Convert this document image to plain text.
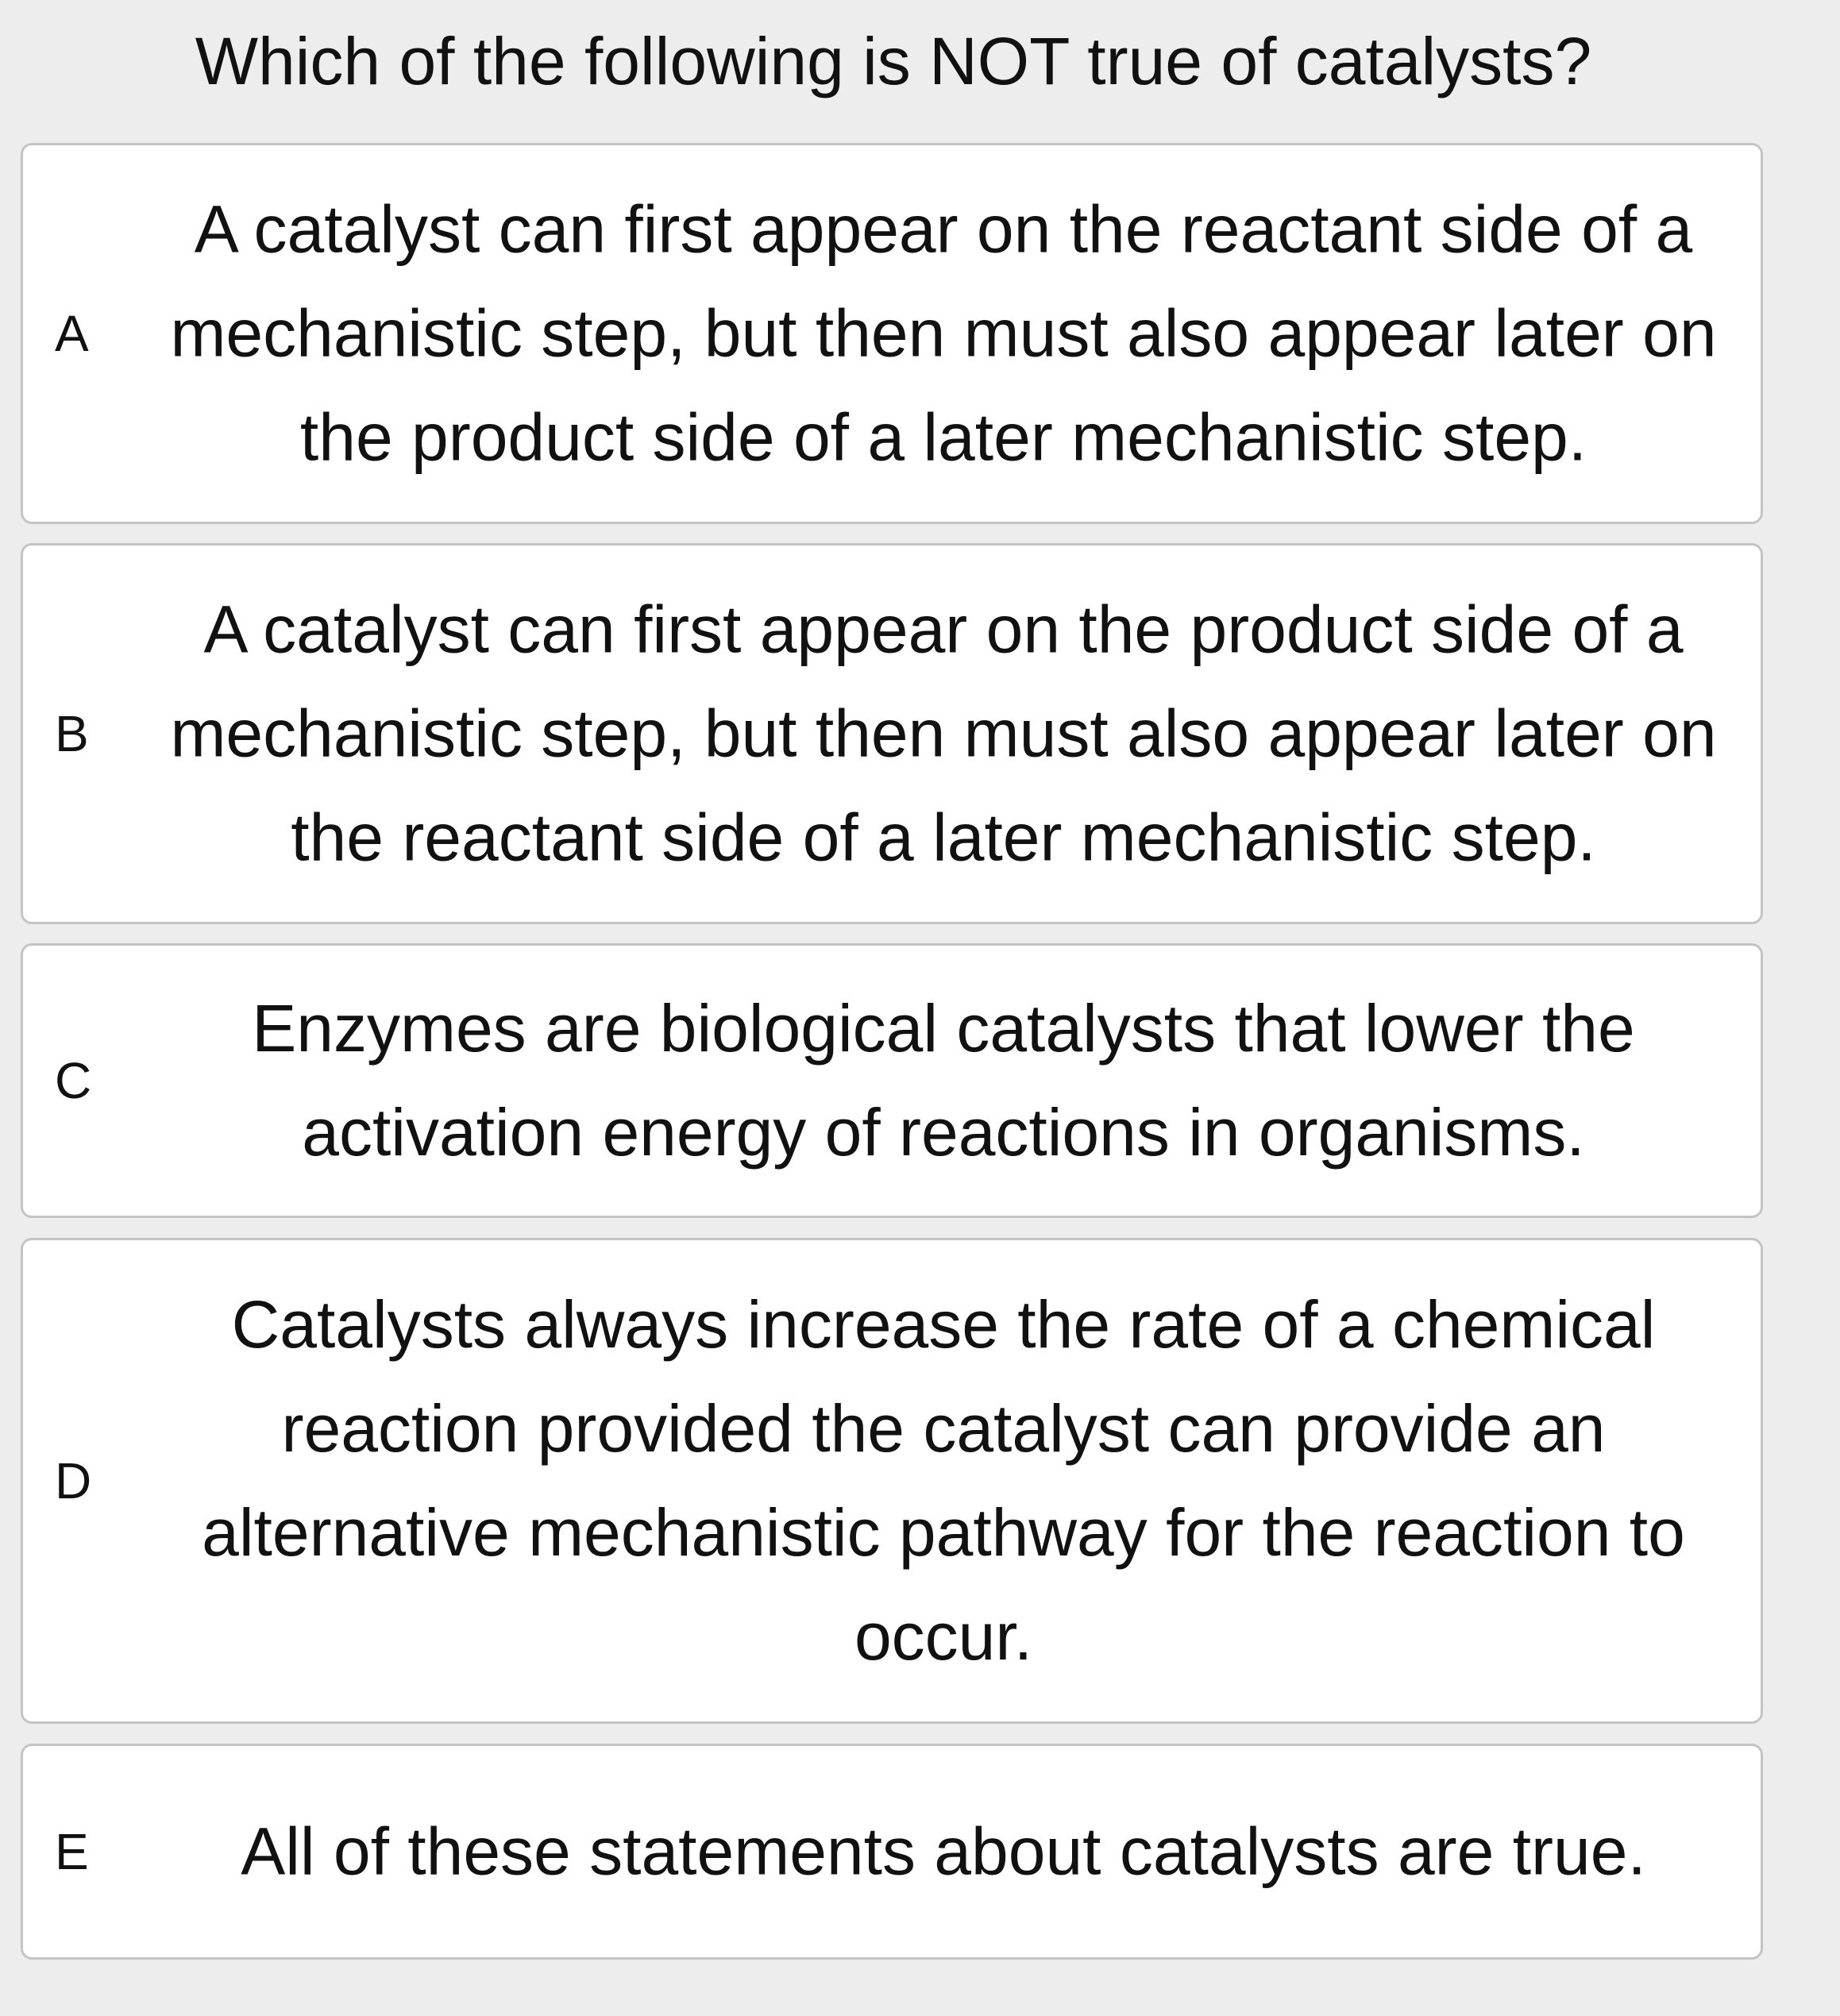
Which of the following is NOT true of catalysts?
A
A catalyst can first appear on the reactant side of a mechanistic step, but then must also appear later on the product side of a later mechanistic step.
B
A catalyst can first appear on the product side of a mechanistic step, but then must also appear later on the reactant side of a later mechanistic step.
C
Enzymes are biological catalysts that lower the activation energy of reactions in organisms.
D
Catalysts always increase the rate of a chemical reaction provided the catalyst can provide an alternative mechanistic pathway for the reaction to occur.
E	All of these statements about catalysts are true.
